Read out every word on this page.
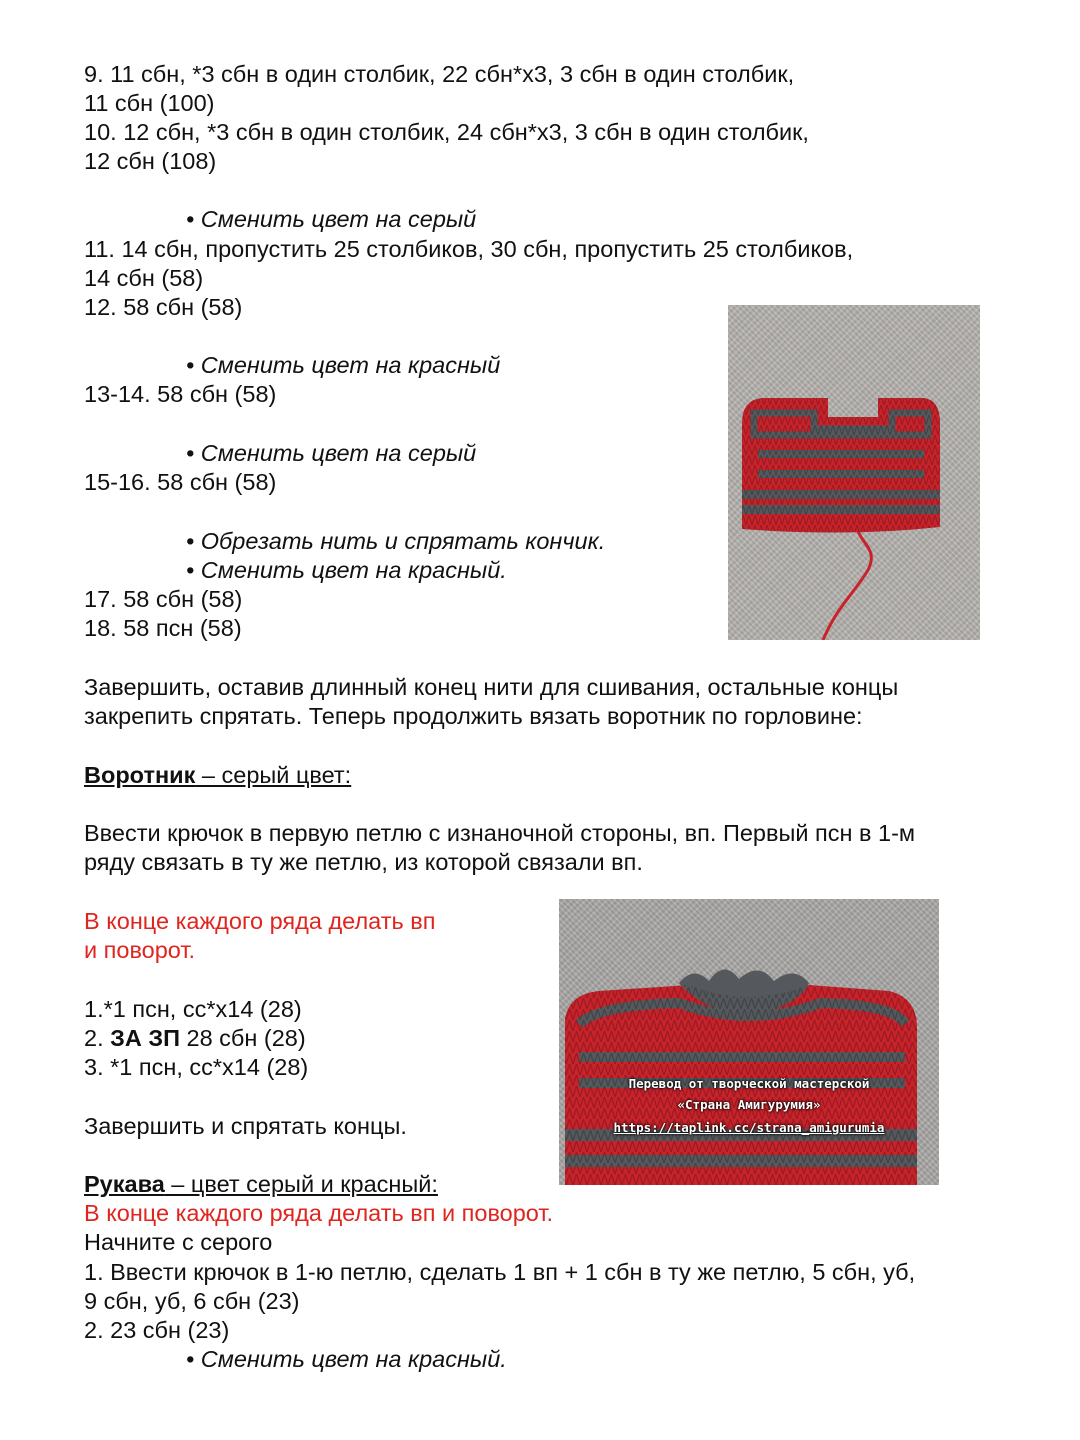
9. 11 сбн, *3 сбн в один столбик, 22 сбн*х3, 3 сбн в один столбик,
11 сбн (100)
10. 12 сбн, *3 сбн в один столбик, 24 сбн*х3, 3 сбн в один столбик,
12 сбн (108)
• Сменить цвет на серый
11. 14 сбн, пропустить 25 столбиков, 30 сбн, пропустить 25 столбиков,
14 сбн (58)
12. 58 сбн (58)
• Сменить цвет на красный
13-14. 58 сбн (58)
• Сменить цвет на серый
15-16. 58 сбн (58)
• Обрезать нить и спрятать кончик.
• Сменить цвет на красный.
17. 58 сбн (58)
18. 58 псн (58)
Завершить, оставив длинный конец нити для сшивания, остальные концы
закрепить спрятать. Теперь продолжить вязать воротник по горловине:
Воротник – серый цвет:
Ввести крючок в первую петлю с изнаночной стороны, вп. Первый псн в 1-м
ряду связать в ту же петлю, из которой связали вп.
В конце каждого ряда делать вп
и поворот.
1.*1 псн, сс*х14 (28)
2. ЗА ЗП 28 сбн (28)
3. *1 псн, сс*х14 (28)
Завершить и спрятать концы.
Рукава – цвет серый и красный:
В конце каждого ряда делать вп и поворот.
Начните с серого
1. Ввести крючок в 1-ю петлю, сделать 1 вп + 1 сбн в ту же петлю, 5 сбн, уб,
9 сбн, уб, 6 сбн (23)
2. 23 сбн (23)
• Сменить цвет на красный.
Перевод от творческой мастерской
«Страна Амигурумия»
https://taplink.cc/strana_amigurumia
